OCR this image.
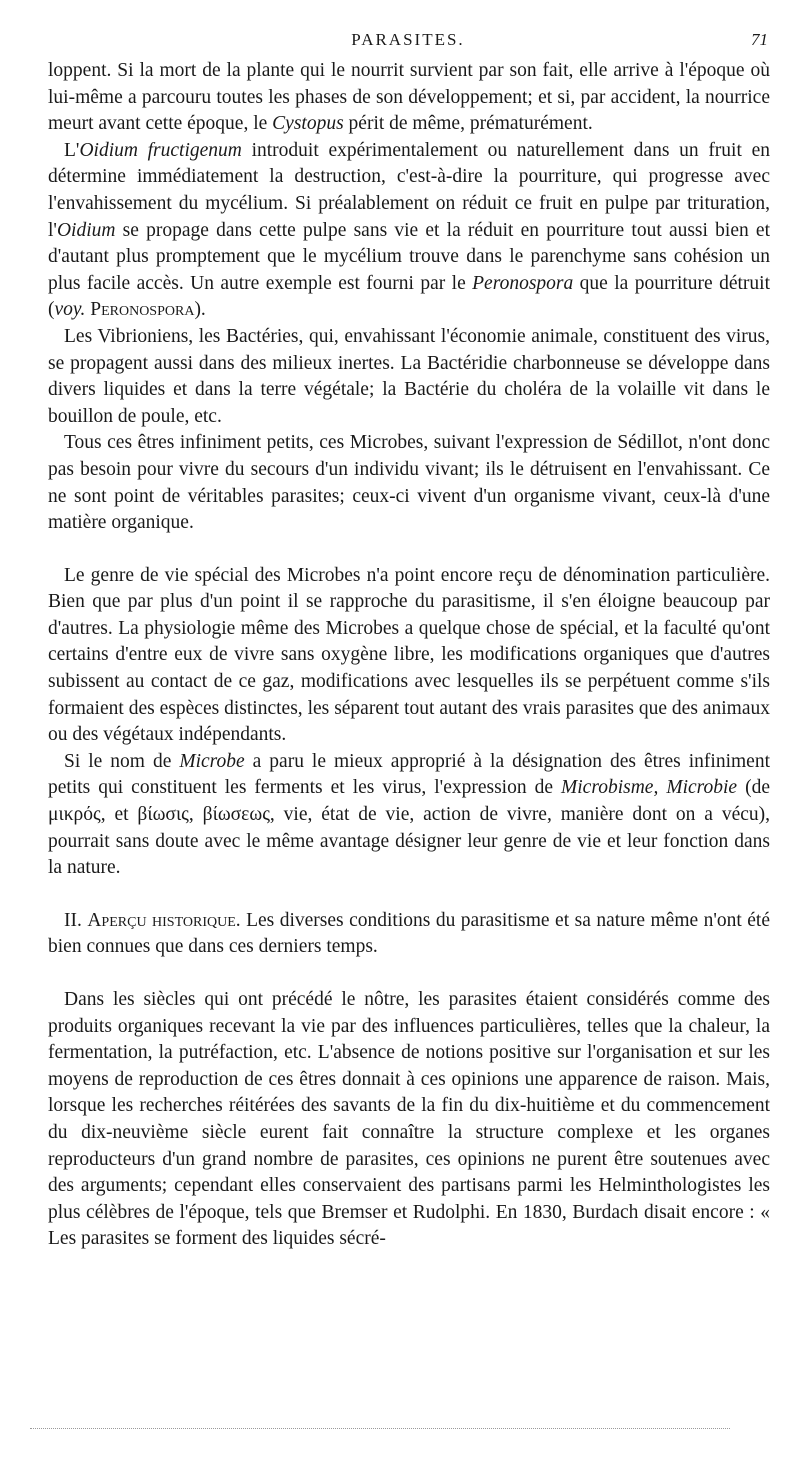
PARASITES.	71

loppent. Si la mort de la plante qui le nourrit survient par son fait, elle arrive à l'époque où lui-même a parcouru toutes les phases de son développement; et si, par accident, la nourrice meurt avant cette époque, le Cystopus périt de même, prématurément.

L'Oidium fructigenum introduit expérimentalement ou naturellement dans un fruit en détermine immédiatement la destruction, c'est-à-dire la pourriture, qui progresse avec l'envahissement du mycélium. Si préalablement on réduit ce fruit en pulpe par trituration, l'Oidium se propage dans cette pulpe sans vie et la réduit en pourriture tout aussi bien et d'autant plus promptement que le mycélium trouve dans le parenchyme sans cohésion un plus facile accès. Un autre exemple est fourni par le Peronospora que la pourriture détruit (voy. Peronospora).

Les Vibrioniens, les Bactéries, qui, envahissant l'économie animale, constituent des virus, se propagent aussi dans des milieux inertes. La Bactéridie charbonneuse se développe dans divers liquides et dans la terre végétale; la Bactérie du choléra de la volaille vit dans le bouillon de poule, etc.

Tous ces êtres infiniment petits, ces Microbes, suivant l'expression de Sédillot, n'ont donc pas besoin pour vivre du secours d'un individu vivant; ils le détruisent en l'envahissant. Ce ne sont point de véritables parasites; ceux-ci vivent d'un organisme vivant, ceux-là d'une matière organique.

Le genre de vie spécial des Microbes n'a point encore reçu de dénomination particulière. Bien que par plus d'un point il se rapproche du parasitisme, il s'en éloigne beaucoup par d'autres. La physiologie même des Microbes a quelque chose de spécial, et la faculté qu'ont certains d'entre eux de vivre sans oxygène libre, les modifications organiques que d'autres subissent au contact de ce gaz, modifications avec lesquelles ils se perpétuent comme s'ils formaient des espèces distinctes, les séparent tout autant des vrais parasites que des animaux ou des végétaux indépendants.

Si le nom de Microbe a paru le mieux approprié à la désignation des êtres infiniment petits qui constituent les ferments et les virus, l'expression de Microbisme, Microbie (de μικρός, et βίωσις, βίωσεως, vie, état de vie, action de vivre, manière dont on a vécu), pourrait sans doute avec le même avantage désigner leur genre de vie et leur fonction dans la nature.

II. Aperçu historique. Les diverses conditions du parasitisme et sa nature même n'ont été bien connues que dans ces derniers temps.

Dans les siècles qui ont précédé le nôtre, les parasites étaient considérés comme des produits organiques recevant la vie par des influences particulières, telles que la chaleur, la fermentation, la putréfaction, etc. L'absence de notions positive sur l'organisation et sur les moyens de reproduction de ces êtres donnait à ces opinions une apparence de raison. Mais, lorsque les recherches réitérées des savants de la fin du dix-huitième et du commencement du dix-neuvième siècle eurent fait connaître la structure complexe et les organes reproducteurs d'un grand nombre de parasites, ces opinions ne purent être soutenues avec des arguments; cependant elles conservaient des partisans parmi les Helminthologistes les plus célèbres de l'époque, tels que Bremser et Rudolphi. En 1830, Burdach disait encore : « Les parasites se forment des liquides sécré-
